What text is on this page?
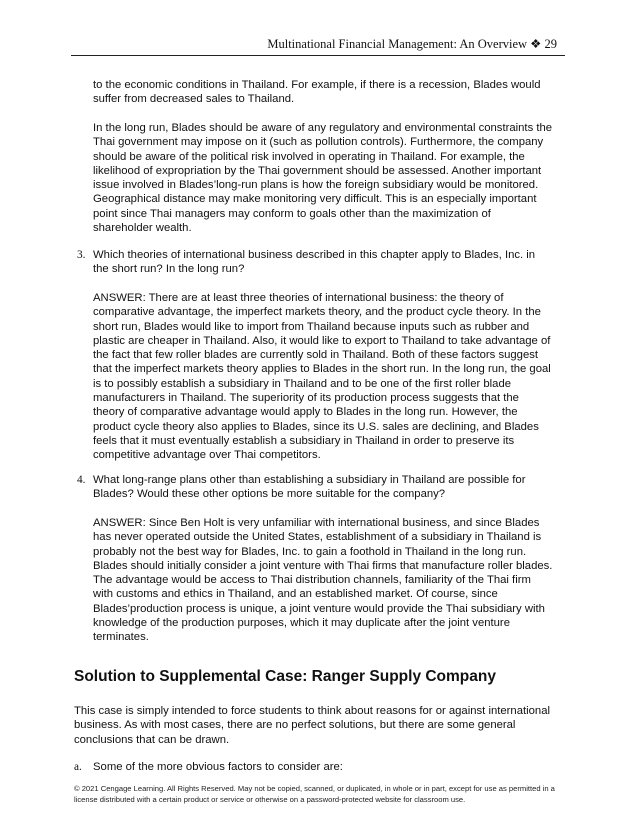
Multinational Financial Management: An Overview ❖ 29

to the economic conditions in Thailand. For example, if there is a recession, Blades would suffer from decreased sales to Thailand.

In the long run, Blades should be aware of any regulatory and environmental constraints the Thai government may impose on it (such as pollution controls). Furthermore, the company should be aware of the political risk involved in operating in Thailand. For example, the likelihood of expropriation by the Thai government should be assessed. Another important issue involved in Blades’long-run plans is how the foreign subsidiary would be monitored. Geographical distance may make monitoring very difficult. This is an especially important point since Thai managers may conform to goals other than the maximization of shareholder wealth.

3. Which theories of international business described in this chapter apply to Blades, Inc. in the short run? In the long run?

ANSWER: There are at least three theories of international business: the theory of comparative advantage, the imperfect markets theory, and the product cycle theory. In the short run, Blades would like to import from Thailand because inputs such as rubber and plastic are cheaper in Thailand. Also, it would like to export to Thailand to take advantage of the fact that few roller blades are currently sold in Thailand. Both of these factors suggest that the imperfect markets theory applies to Blades in the short run. In the long run, the goal is to possibly establish a subsidiary in Thailand and to be one of the first roller blade manufacturers in Thailand. The superiority of its production process suggests that the theory of comparative advantage would apply to Blades in the long run. However, the product cycle theory also applies to Blades, since its U.S. sales are declining, and Blades feels that it must eventually establish a subsidiary in Thailand in order to preserve its competitive advantage over Thai competitors.

4. What long-range plans other than establishing a subsidiary in Thailand are possible for Blades? Would these other options be more suitable for the company?

ANSWER: Since Ben Holt is very unfamiliar with international business, and since Blades has never operated outside the United States, establishment of a subsidiary in Thailand is probably not the best way for Blades, Inc. to gain a foothold in Thailand in the long run. Blades should initially consider a joint venture with Thai firms that manufacture roller blades. The advantage would be access to Thai distribution channels, familiarity of the Thai firm with customs and ethics in Thailand, and an established market. Of course, since Blades’production process is unique, a joint venture would provide the Thai subsidiary with knowledge of the production purposes, which it may duplicate after the joint venture terminates.

Solution to Supplemental Case: Ranger Supply Company

This case is simply intended to force students to think about reasons for or against international business. As with most cases, there are no perfect solutions, but there are some general conclusions that can be drawn.

a. Some of the more obvious factors to consider are:

© 2021 Cengage Learning. All Rights Reserved. May not be copied, scanned, or duplicated, in whole or in part, except for use as permitted in a license distributed with a certain product or service or otherwise on a password-protected website for classroom use.
